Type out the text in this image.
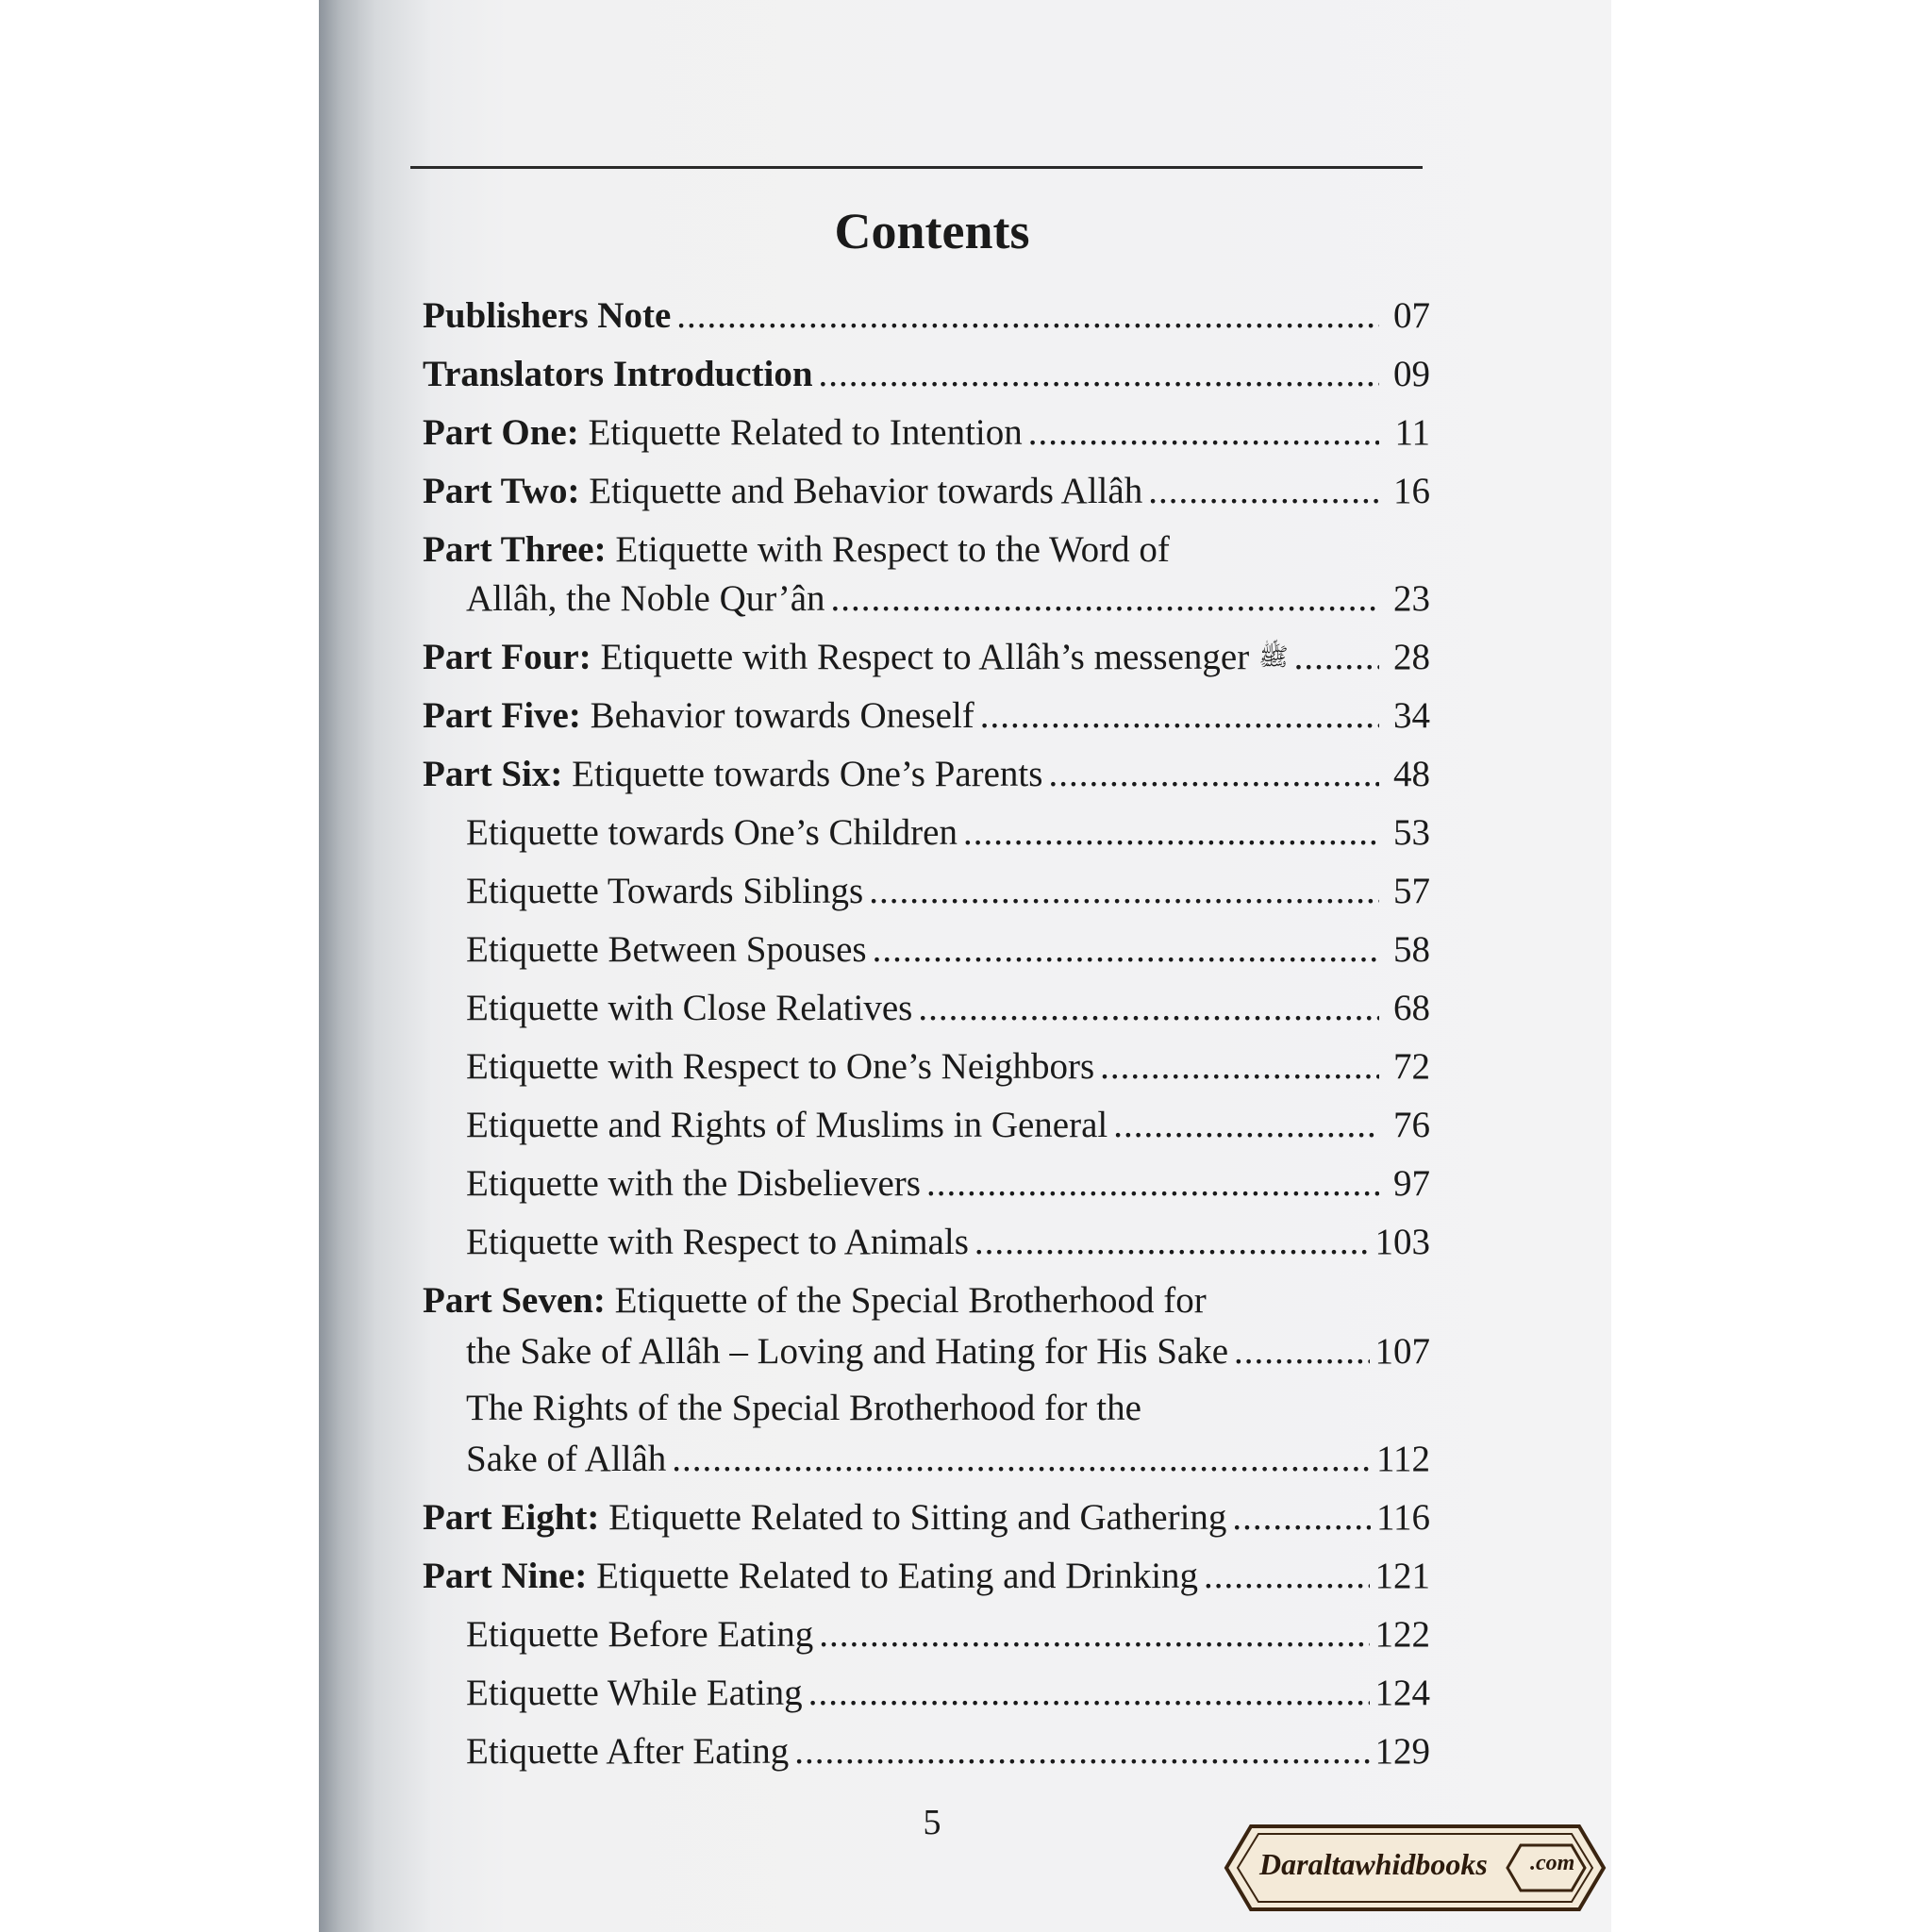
Contents
Publishers Note .....	07
Translators Introduction .....	09
Part One: Etiquette Related to Intention .....	11
Part Two: Etiquette and Behavior towards Allâh .....	16
Part Three: Etiquette with Respect to the Word of
Allâh, the Noble Qur’ân .....	23
Part Four: Etiquette with Respect to Allâh’s messenger ﷺ .....	28
Part Five: Behavior towards Oneself .....	34
Part Six: Etiquette towards One’s Parents .....	48
Etiquette towards One’s Children .....	53
Etiquette Towards Siblings .....	57
Etiquette Between Spouses .....	58
Etiquette with Close Relatives .....	68
Etiquette with Respect to One’s Neighbors .....	72
Etiquette and Rights of Muslims in General .....	76
Etiquette with the Disbelievers .....	97
Etiquette with Respect to Animals .....	103
Part Seven: Etiquette of the Special Brotherhood for
the Sake of Allâh – Loving and Hating for His Sake .....	107
The Rights of the Special Brotherhood for the
Sake of Allâh .....	112
Part Eight: Etiquette Related to Sitting and Gathering .....	116
Part Nine: Etiquette Related to Eating and Drinking .....	121
Etiquette Before Eating .....	122
Etiquette While Eating .....	124
Etiquette After Eating .....	129
5
Daraltawhidbooks .com
